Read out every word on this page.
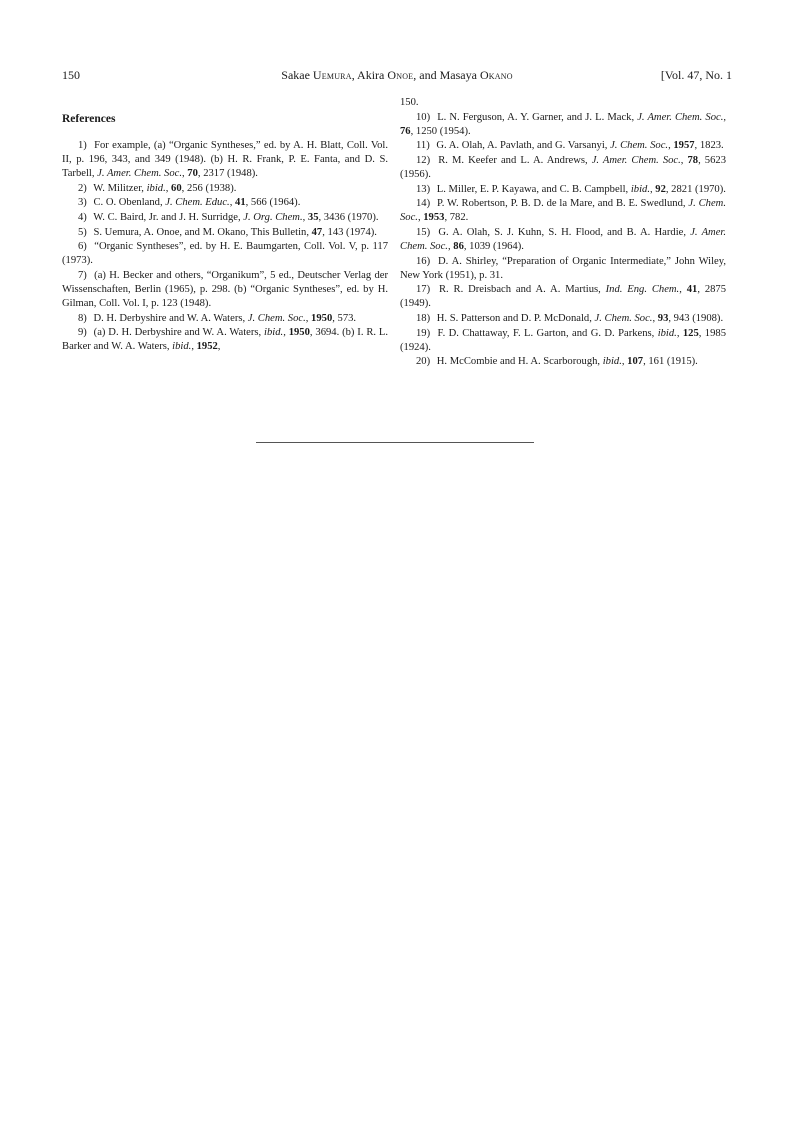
150	Sakae Uemura, Akira Onoe, and Masaya Okano	[Vol. 47, No. 1
References

1) For example, (a) “Organic Syntheses,” ed. by A. H. Blatt, Coll. Vol. II, p. 196, 343, and 349 (1948). (b) H. R. Frank, P. E. Fanta, and D. S. Tarbell, J. Amer. Chem. Soc., 70, 2317 (1948).

2) W. Militzer, ibid., 60, 256 (1938).

3) C. O. Obenland, J. Chem. Educ., 41, 566 (1964).

4) W. C. Baird, Jr. and J. H. Surridge, J. Org. Chem., 35, 3436 (1970).

5) S. Uemura, A. Onoe, and M. Okano, This Bulletin, 47, 143 (1974).

6) “Organic Syntheses”, ed. by H. E. Baumgarten, Coll. Vol. V, p. 117 (1973).

7) (a) H. Becker and others, “Organikum”, 5 ed., Deutscher Verlag der Wissenschaften, Berlin (1965), p. 298. (b) “Organic Syntheses”, ed. by H. Gilman, Coll. Vol. I, p. 123 (1948).

8) D. H. Derbyshire and W. A. Waters, J. Chem. Soc., 1950, 573.

9) (a) D. H. Derbyshire and W. A. Waters, ibid., 1950, 3694. (b) I. R. L. Barker and W. A. Waters, ibid., 1952,

150.

10) L. N. Ferguson, A. Y. Garner, and J. L. Mack, J. Amer. Chem. Soc., 76, 1250 (1954).

11) G. A. Olah, A. Pavlath, and G. Varsanyi, J. Chem. Soc., 1957, 1823.

12) R. M. Keefer and L. A. Andrews, J. Amer. Chem. Soc., 78, 5623 (1956).

13) L. Miller, E. P. Kayawa, and C. B. Campbell, ibid., 92, 2821 (1970).

14) P. W. Robertson, P. B. D. de la Mare, and B. E. Swedlund, J. Chem. Soc., 1953, 782.

15) G. A. Olah, S. J. Kuhn, S. H. Flood, and B. A. Hardie, J. Amer. Chem. Soc., 86, 1039 (1964).

16) D. A. Shirley, “Preparation of Organic Intermediate,” John Wiley, New York (1951), p. 31.

17) R. R. Dreisbach and A. A. Martius, Ind. Eng. Chem., 41, 2875 (1949).

18) H. S. Patterson and D. P. McDonald, J. Chem. Soc., 93, 943 (1908).

19) F. D. Chattaway, F. L. Garton, and G. D. Parkens, ibid., 125, 1985 (1924).

20) H. McCombie and H. A. Scarborough, ibid., 107, 161 (1915).
